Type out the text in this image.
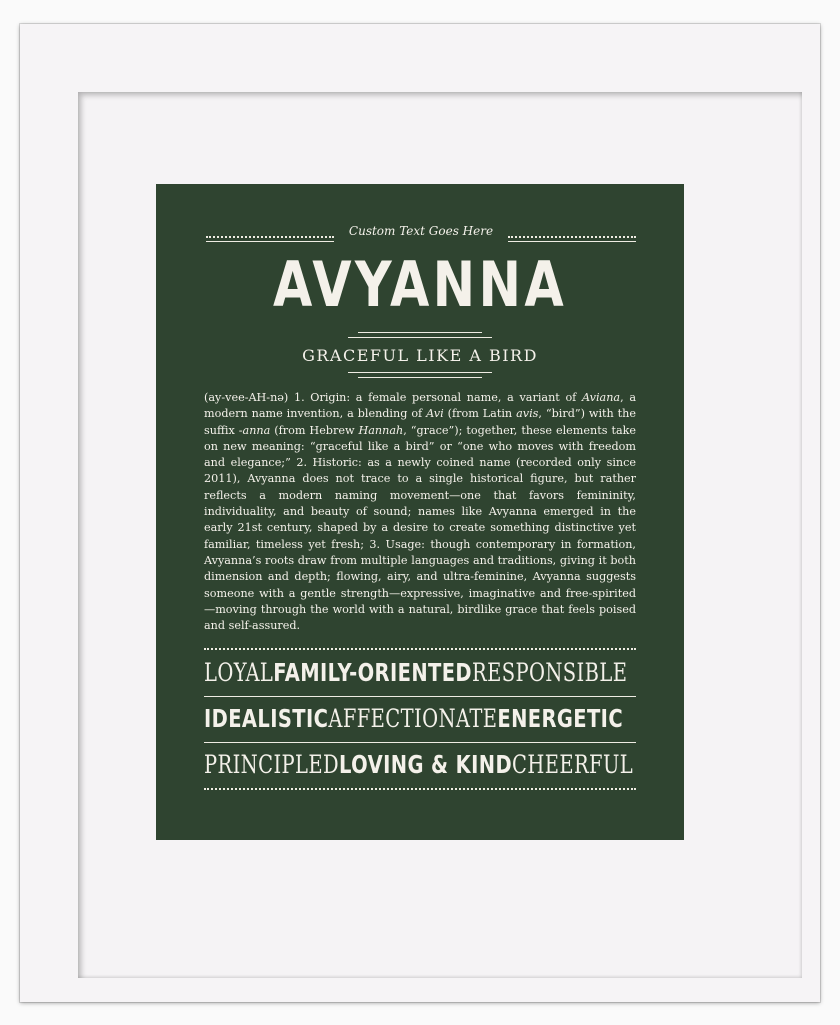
Custom Text Goes Here
AVYANNA
GRACEFUL LIKE A BIRD
(ay-vee-AH-nə) 1. Origin: a female personal name, a variant of Aviana, a modern name invention, a blending of Avi (from Latin avis, “bird”) with the suffix -anna (from Hebrew Hannah, “grace”); together, these elements take on new meaning: “graceful like a bird” or “one who moves with freedom and elegance;” 2. Historic: as a newly coined name (recorded only since 2011), Avyanna does not trace to a single historical figure, but rather reflects a modern naming movement—one that favors femininity, individuality, and beauty of sound; names like Avyanna emerged in the early 21st century, shaped by a desire to create something distinctive yet familiar, timeless yet fresh; 3. Usage: though contemporary in formation, Avyanna’s roots draw from multiple languages and traditions, giving it both dimension and depth; flowing, airy, and ultra-feminine, Avyanna suggests someone with a gentle strength—expressive, imaginative and free-spirited—moving through the world with a natural, birdlike grace that feels poised and self-assured.
LOYAL FAMILY-ORIENTED RESPONSIBLE
IDEALISTIC AFFECTIONATE ENERGETIC
PRINCIPLED LOVING & KIND CHEERFUL
